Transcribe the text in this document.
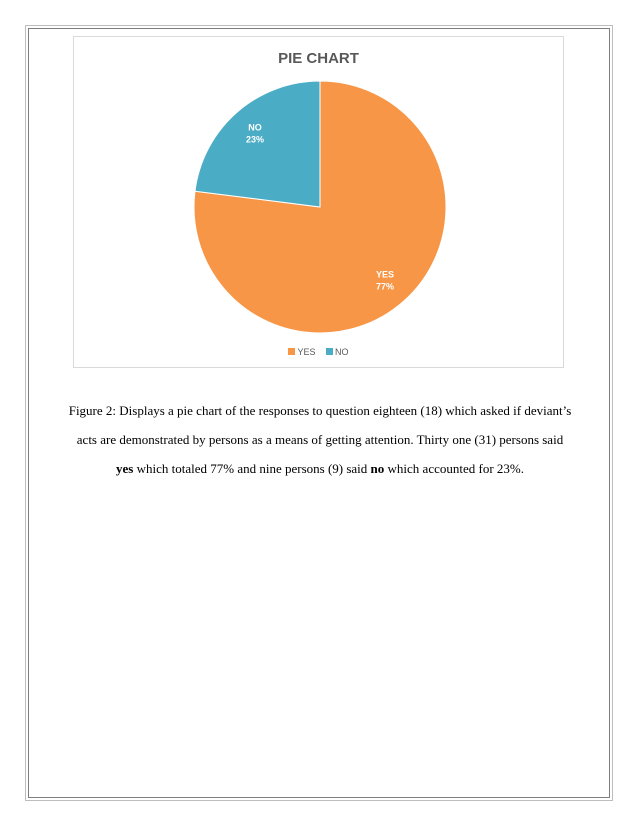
PIE CHART
YES
77%
NO
23%
YES NO
Figure 2: Displays a pie chart of the responses to question eighteen (18) which asked if deviant’s
acts are demonstrated by persons as a means of getting attention. Thirty one (31) persons said
yes which totaled 77% and nine persons (9) said no which accounted for 23%.
